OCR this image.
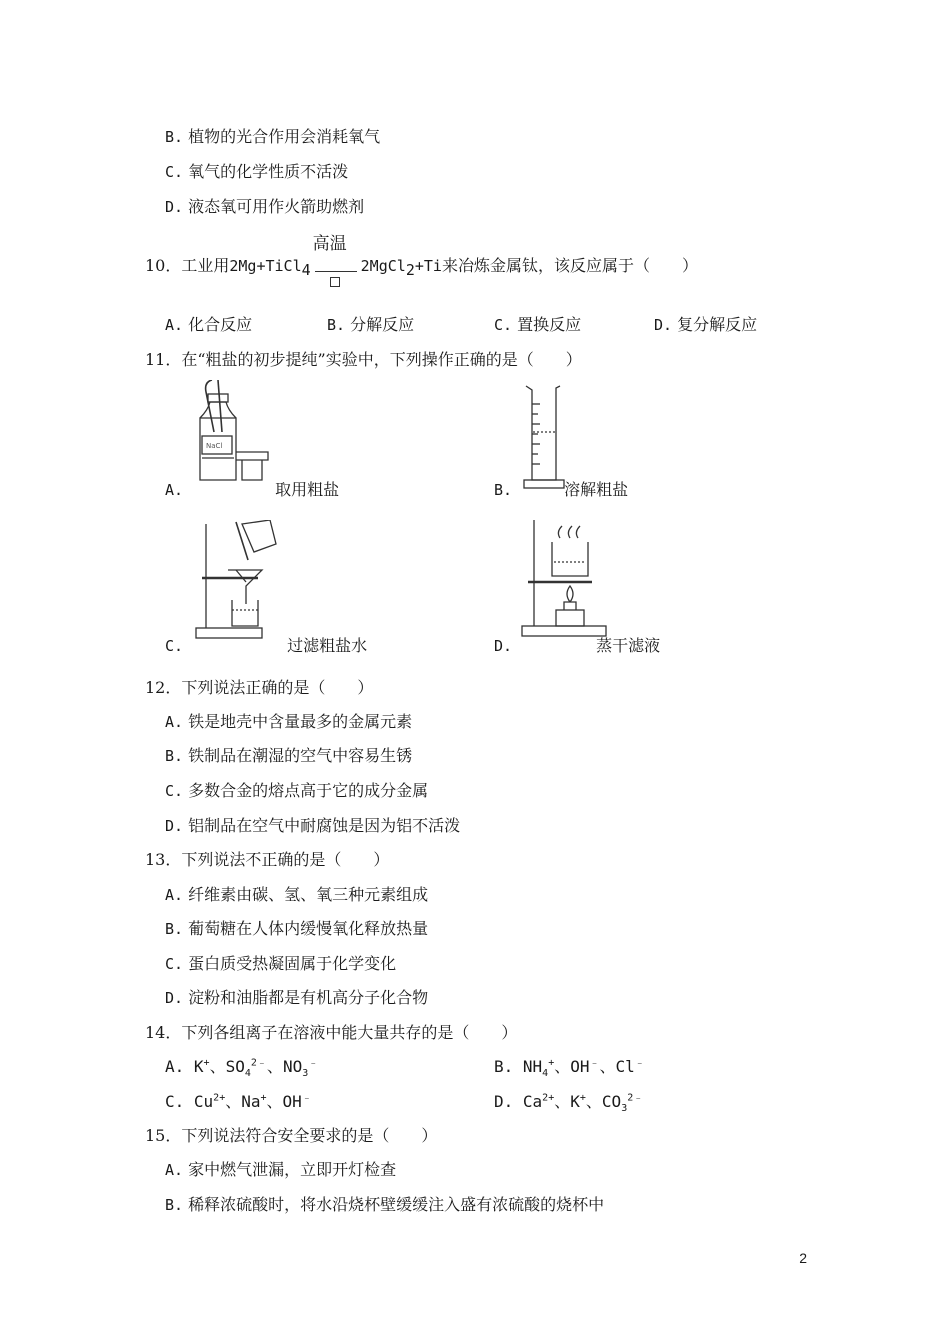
B. 植物的光合作用会消耗氧气
C. 氧气的化学性质不活泼
D. 液态氧可用作火箭助燃剂
10．工业用2Mg+TiCl$_4$
高温
2MgCl$_2$+Ti来冶炼金属钛，该反应属于（　　）
A. 化合反应	B. 分解反应	C. 置换反应	D. 复分解反应
11．在“粗盐的初步提纯”实验中，下列操作正确的是（　　）
NaCl
A.	取用粗盐	B.	溶解粗盐
C.	过滤粗盐水	D.	蒸干滤液
12．下列说法正确的是（　　）
A. 铁是地壳中含量最多的金属元素
B. 铁制品在潮湿的空气中容易生锈
C. 多数合金的熔点高于它的成分金属
D. 铝制品在空气中耐腐蚀是因为铝不活泼
13．下列说法不正确的是（　　）
A. 纤维素由碳、氢、氧三种元素组成
B. 葡萄糖在人体内缓慢氧化释放热量
C. 蛋白质受热凝固属于化学变化
D. 淀粉和油脂都是有机高分子化合物
14．下列各组离子在溶液中能大量共存的是（　　）
A. K+、$SO_4^{2﹣}$、$NO_3^﹣$	B. $NH_4^+$、OH﹣、Cl﹣
C. $Cu^{2+}$、Na+、OH﹣	D. $Ca^{2+}$、K+、$CO_3^{2﹣}$
15．下列说法符合安全要求的是（　　）
A. 家中燃气泄漏，立即开灯检查
B. 稀释浓硫酸时，将水沿烧杯壁缓缓注入盛有浓硫酸的烧杯中
2
